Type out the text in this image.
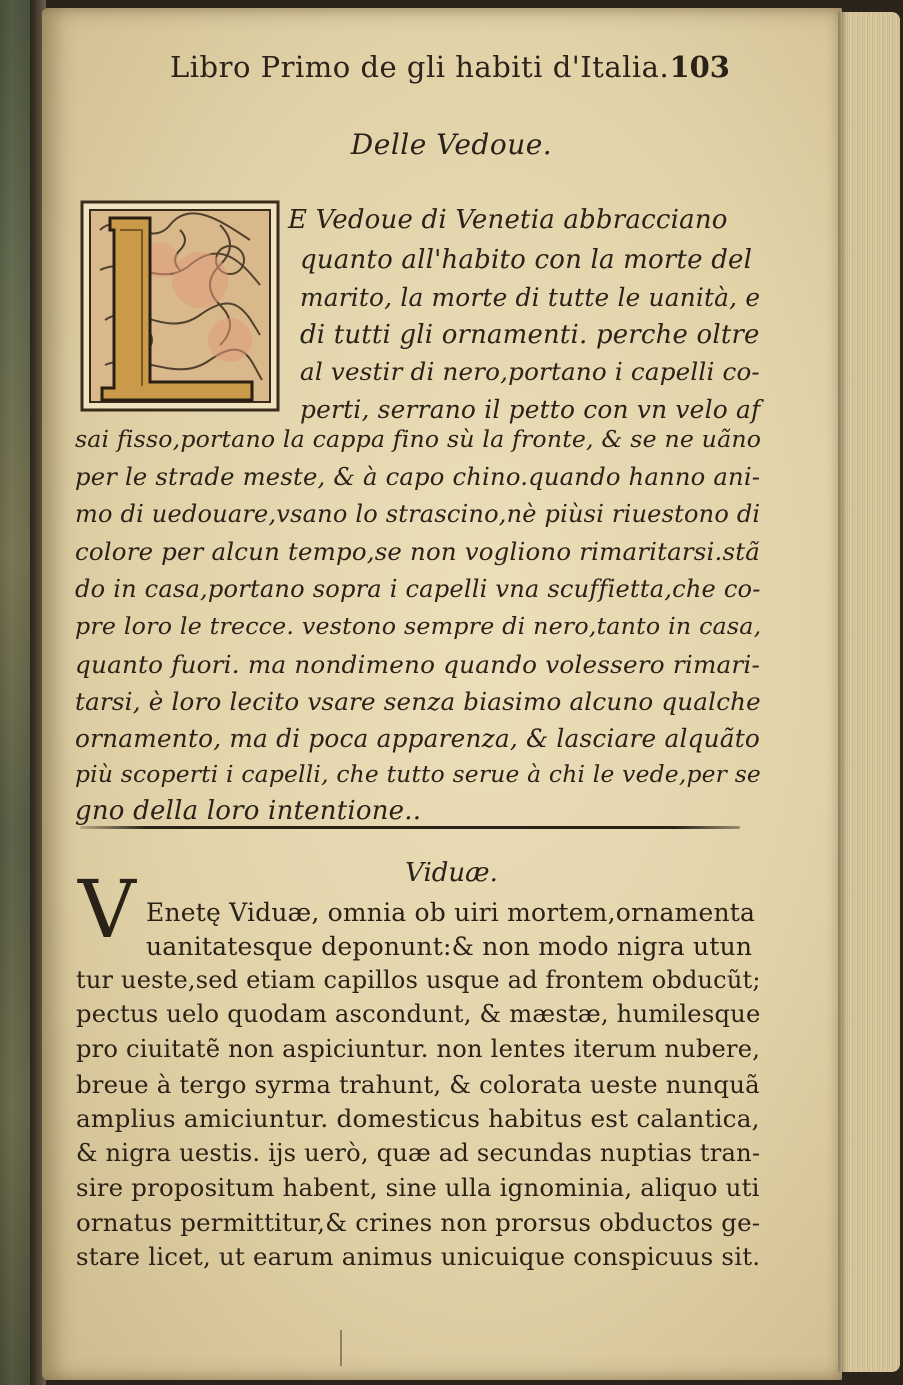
Libro Primo de gli habiti d'Italia. 103
Delle Vedoue.
E Vedoue di Venetia abbracciano
quanto all'habito con la morte del
marito, la morte di tutte le uanità, e
di tutti gli ornamenti. perche oltre
al vestir di nero,portano i capelli co-
perti, serrano il petto con vn velo af
sai fisso,portano la cappa fino sù la fronte, & se ne uãno
per le strade meste, & à capo chino.quando hanno ani-
mo di uedouare,vsano lo strascino,nè piùsi riuestono di
colore per alcun tempo,se non vogliono rimaritarsi.stã
do in casa,portano sopra i capelli vna scuffietta,che co-
pre loro le trecce. vestono sempre di nero,tanto in casa,
quanto fuori. ma nondimeno quando volessero rimari-
tarsi, è loro lecito vsare senza biasimo alcuno qualche
ornamento, ma di poca apparenza, & lasciare alquãto
più scoperti i capelli, che tutto serue à chi le vede,per se
gno della loro intentione..
Viduæ.
V Enetę Viduæ, omnia ob uiri mortem,ornamenta
uanitatesque deponunt:& non modo nigra utun
tur ueste,sed etiam capillos usque ad frontem obducũt;
pectus uelo quodam ascondunt, & mæstæ, humilesque
pro ciuitatẽ non aspiciuntur. non lentes iterum nubere,
breue à tergo syrma trahunt, & colorata ueste nunquã
amplius amiciuntur. domesticus habitus est calantica,
& nigra uestis. ijs uerò, quæ ad secundas nuptias tran-
sire propositum habent, sine ulla ignominia, aliquo uti
ornatus permittitur,& crines non prorsus obductos ge-
stare licet, ut earum animus unicuique conspicuus sit.
